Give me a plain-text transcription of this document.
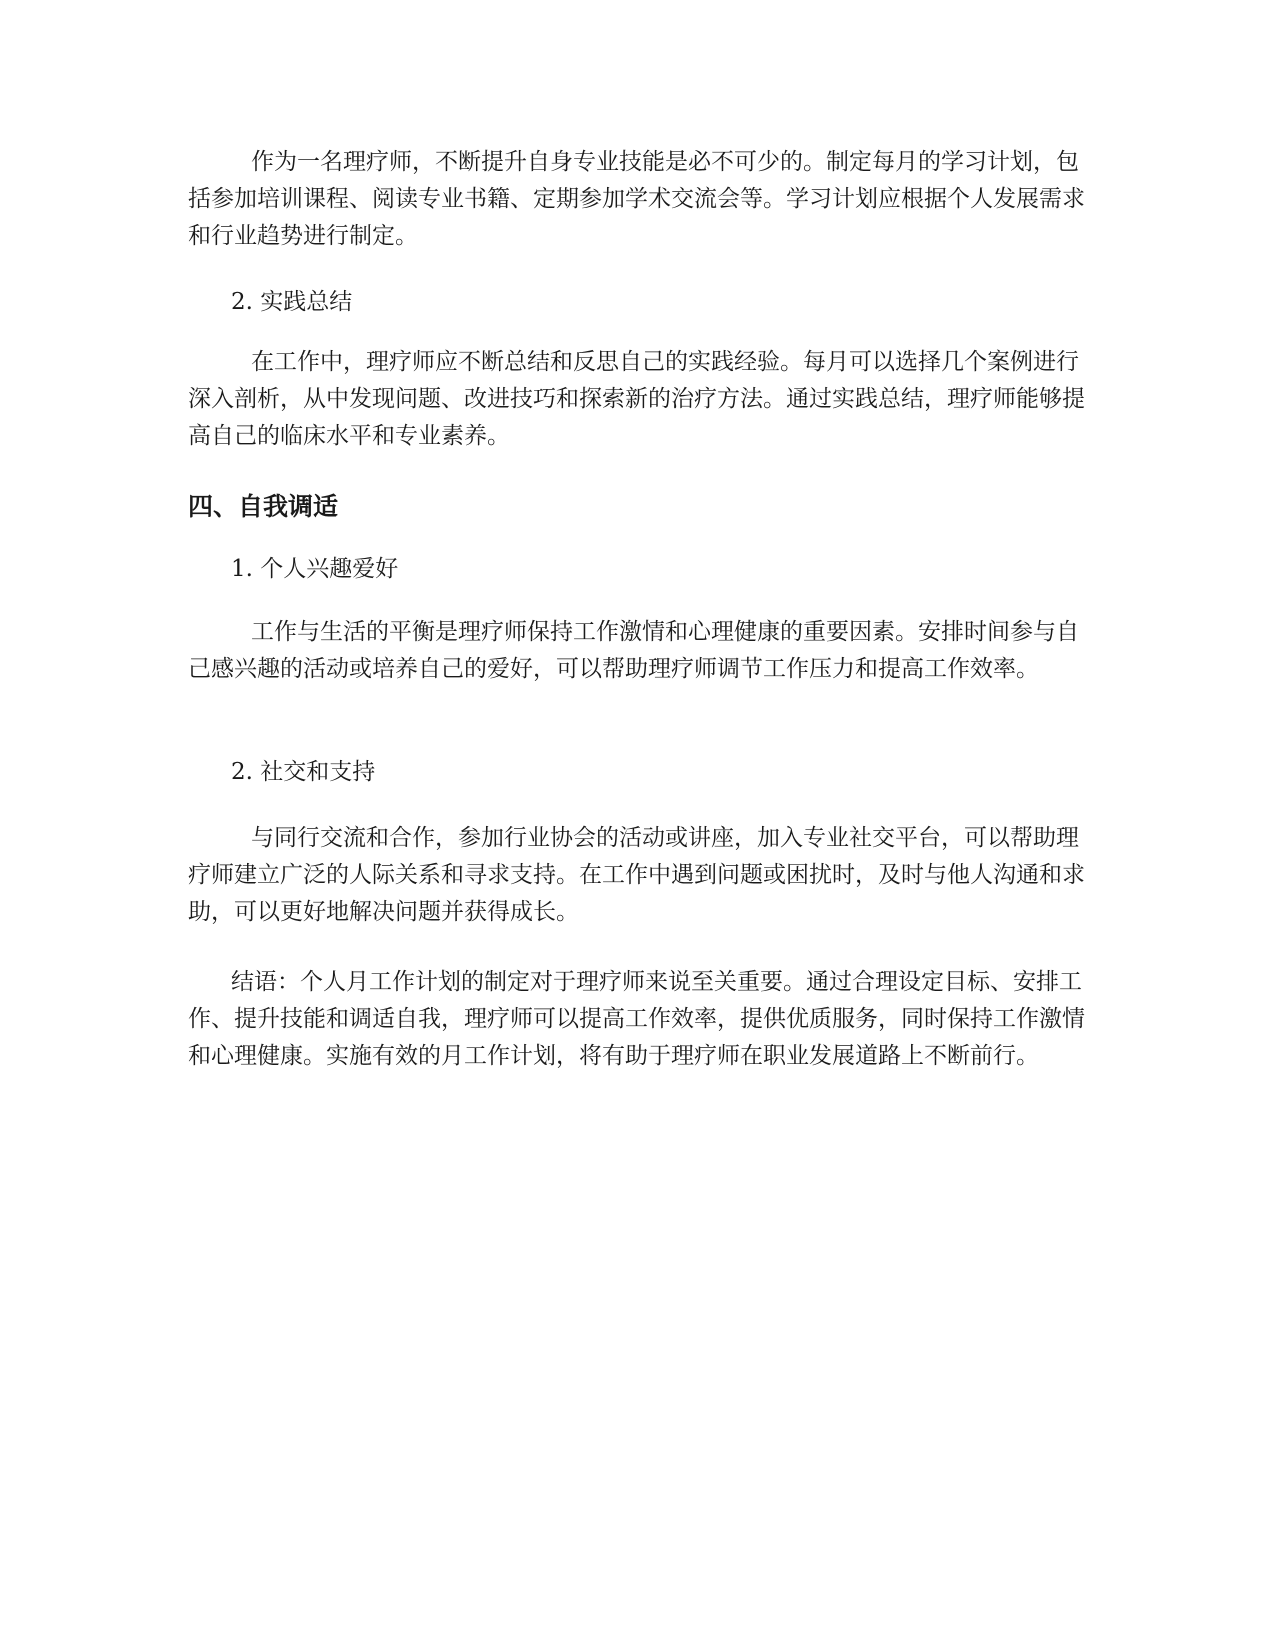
作为一名理疗师，不断提升自身专业技能是必不可少的。制定每月的学习计划，包括参加培训课程、阅读专业书籍、定期参加学术交流会等。学习计划应根据个人发展需求和行业趋势进行制定。

2. 实践总结

在工作中，理疗师应不断总结和反思自己的实践经验。每月可以选择几个案例进行深入剖析，从中发现问题、改进技巧和探索新的治疗方法。通过实践总结，理疗师能够提高自己的临床水平和专业素养。

四、自我调适

1. 个人兴趣爱好

工作与生活的平衡是理疗师保持工作激情和心理健康的重要因素。安排时间参与自己感兴趣的活动或培养自己的爱好，可以帮助理疗师调节工作压力和提高工作效率。

2. 社交和支持

与同行交流和合作，参加行业协会的活动或讲座，加入专业社交平台，可以帮助理疗师建立广泛的人际关系和寻求支持。在工作中遇到问题或困扰时，及时与他人沟通和求助，可以更好地解决问题并获得成长。

结语：个人月工作计划的制定对于理疗师来说至关重要。通过合理设定目标、安排工作、提升技能和调适自我，理疗师可以提高工作效率，提供优质服务，同时保持工作激情和心理健康。实施有效的月工作计划，将有助于理疗师在职业发展道路上不断前行。
